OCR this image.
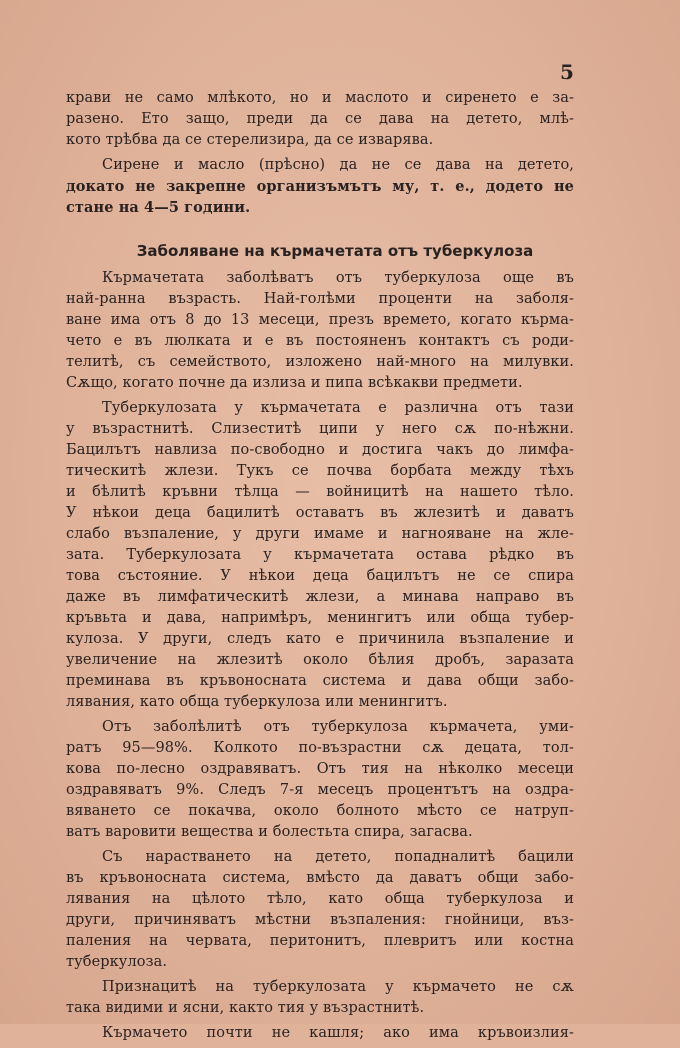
5
крави не само млѣкото, но и маслото и сиренето е за-
разено. Ето защо, преди да се дава на детето, млѣ-
кото трѣбва да се стерелизира, да се изварява.
Сирене и масло (прѣсно) да не се дава на детето,
докато не закрепне организъмътъ му, т. е., додето не
стане на 4—5 години.
Заболяване на кърмачетата отъ туберкулоза
Кърмачетата заболѣватъ отъ туберкулоза още въ
най-ранна възрасть. Най-голѣми проценти на заболя-
ване има отъ 8 до 13 месеци, презъ времето, когато кърма-
чето е въ люлката и е въ постояненъ контактъ съ роди-
телитѣ, съ семейството, изложено най-много на милувки.
Сѫщо, когато почне да излиза и пипа всѣкакви предмети.
Туберкулозата у кърмачетата е различна отъ тази
у възрастнитѣ. Слизеститѣ ципи у него сѫ по-нѣжни.
Бацилътъ навлиза по-свободно и достига чакъ до лимфа-
тическитѣ жлези. Тукъ се почва борбата между тѣхъ
и бѣлитѣ кръвни тѣлца — войницитѣ на нашето тѣло.
У нѣкои деца бацилитѣ оставатъ въ жлезитѣ и даватъ
слабо възпаление, у други имаме и нагнояване на жле-
зата. Туберкулозата у кърмачетата остава рѣдко въ
това състояние. У нѣкои деца бацилътъ не се спира
даже въ лимфатическитѣ жлези, а минава направо въ
кръвьта и дава, напримѣръ, менингитъ или обща тубер-
кулоза. У други, следъ като е причинила възпаление и
увеличение на жлезитѣ около бѣлия дробъ, заразата
преминава въ кръвоносната система и дава общи забо-
лявания, като обща туберкулоза или менингитъ.
Отъ заболѣлитѣ отъ туберкулоза кърмачета, уми-
ратъ 95—98%. Колкото по-възрастни сѫ децата, тол-
кова по-лесно оздравяватъ. Отъ тия на нѣколко месеци
оздравяватъ 9%. Следъ 7-я месецъ процентътъ на оздра-
вяването се покачва, около болното мѣсто се натруп-
ватъ варовити вещества и болестьта спира, загасва.
Съ нарастването на детето, попадналитѣ бацили
въ кръвоносната система, вмѣсто да даватъ общи забо-
лявания на цѣлото тѣло, като обща туберкулоза и
други, причиняватъ мѣстни възпаления: гнойници, въз-
паления на червата, перитонитъ, плевритъ или костна
туберкулоза.
Признацитѣ на туберкулозата у кърмачето не сѫ
така видими и ясни, както тия у възрастнитѣ.
Кърмачето почти не кашля; ако има кръвоизлия-
